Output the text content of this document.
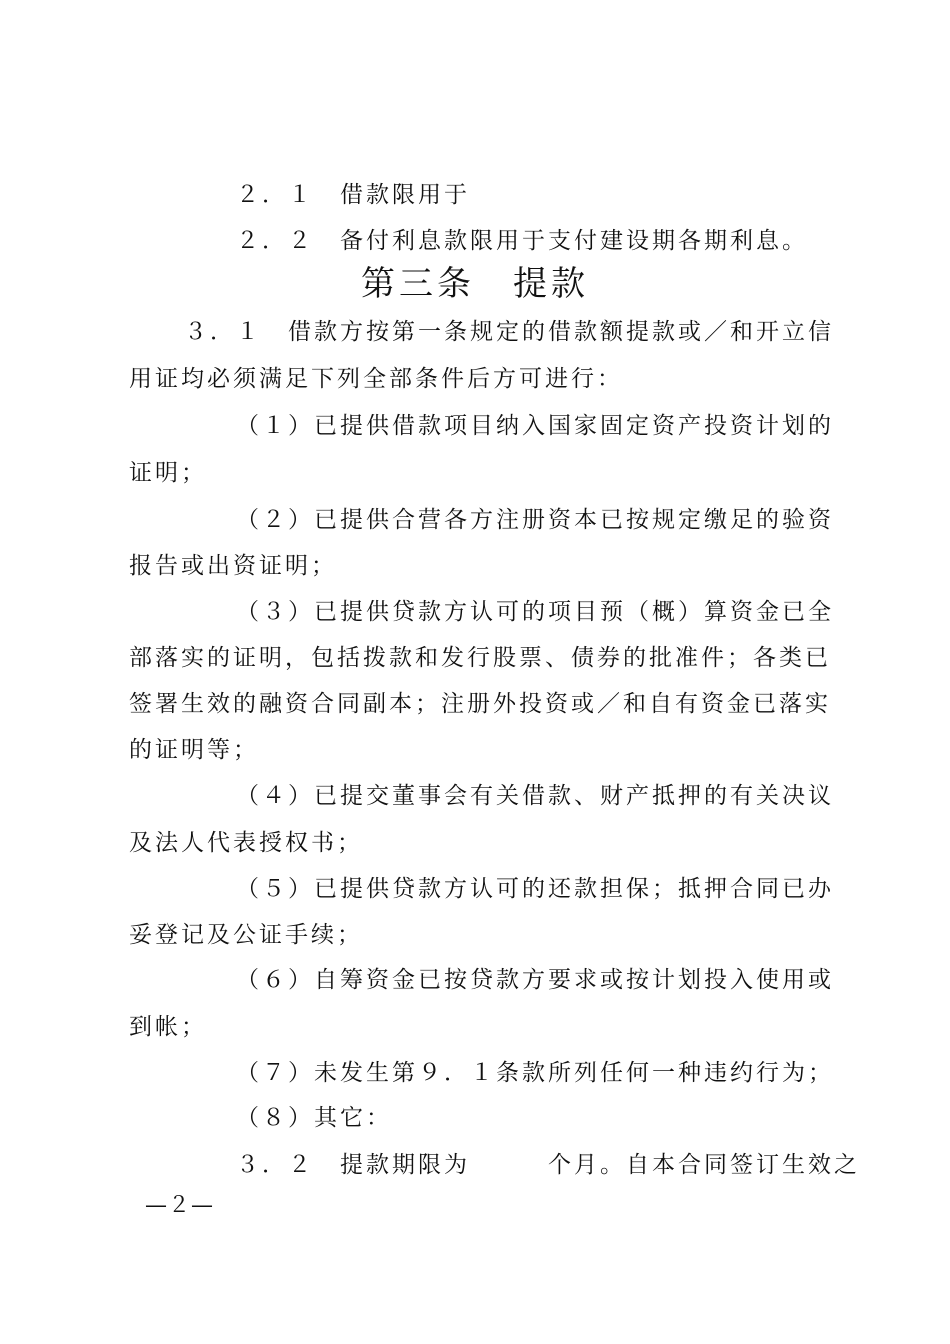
２．１　借款限用于
２．２　备付利息款限用于支付建设期各期利息。
第三条　提款
３．１　借款方按第一条规定的借款额提款或／和开立信
用证均必须满足下列全部条件后方可进行：
（１）已提供借款项目纳入国家固定资产投资计划的
证明；
（２）已提供合营各方注册资本已按规定缴足的验资
报告或出资证明；
（３）已提供贷款方认可的项目预（概）算资金已全
部落实的证明，包括拨款和发行股票、债券的批准件；各类已
签署生效的融资合同副本；注册外投资或／和自有资金已落实
的证明等；
（４）已提交董事会有关借款、财产抵押的有关决议
及法人代表授权书；
（５）已提供贷款方认可的还款担保；抵押合同已办
妥登记及公证手续；
（６）自筹资金已按贷款方要求或按计划投入使用或
到帐；
（７）未发生第９．１条款所列任何一种违约行为；
（８）其它：
３．２　提款期限为　　　个月。自本合同签订生效之
—２—
